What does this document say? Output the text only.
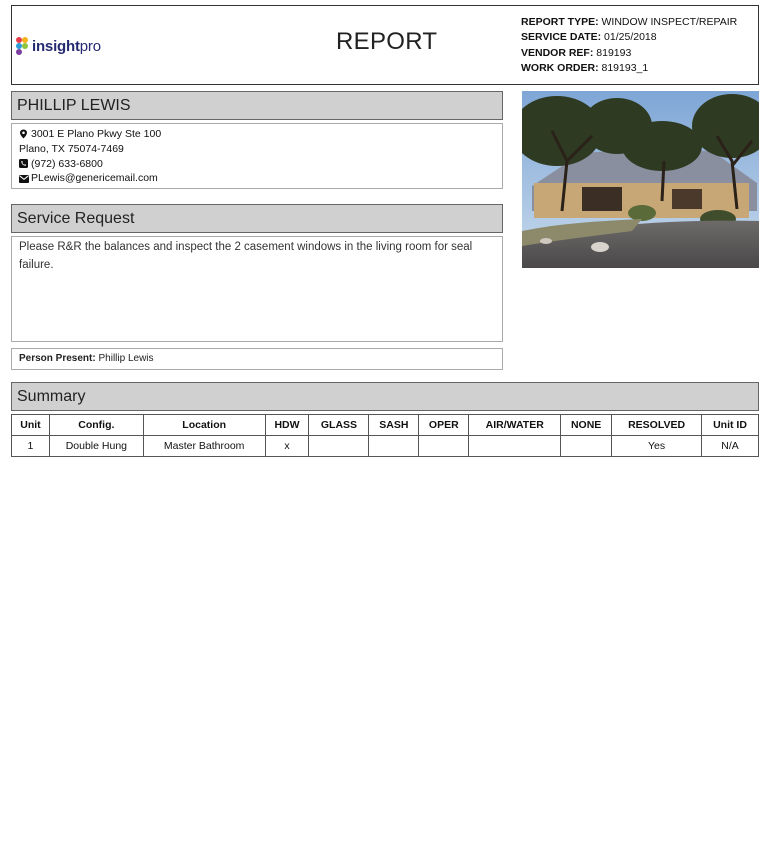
insightpro	REPORT
REPORT TYPE: WINDOW INSPECT/REPAIR
SERVICE DATE: 01/25/2018
VENDOR REF: 819193
WORK ORDER: 819193_1
PHILLIP LEWIS
3001 E Plano Pkwy Ste 100
Plano, TX 75074-7469
(972) 633-6800
PLewis@genericemail.com
Service Request
Please R&R the balances and inspect the 2 casement windows in the living room for seal failure.
Person Present: Phillip Lewis
Summary
Unit	Config.	Location	HDW	GLASS	SASH	OPER	AIR/WATER	NONE	RESOLVED	Unit ID
1	Double Hung	Master Bathroom	x						Yes	N/A
